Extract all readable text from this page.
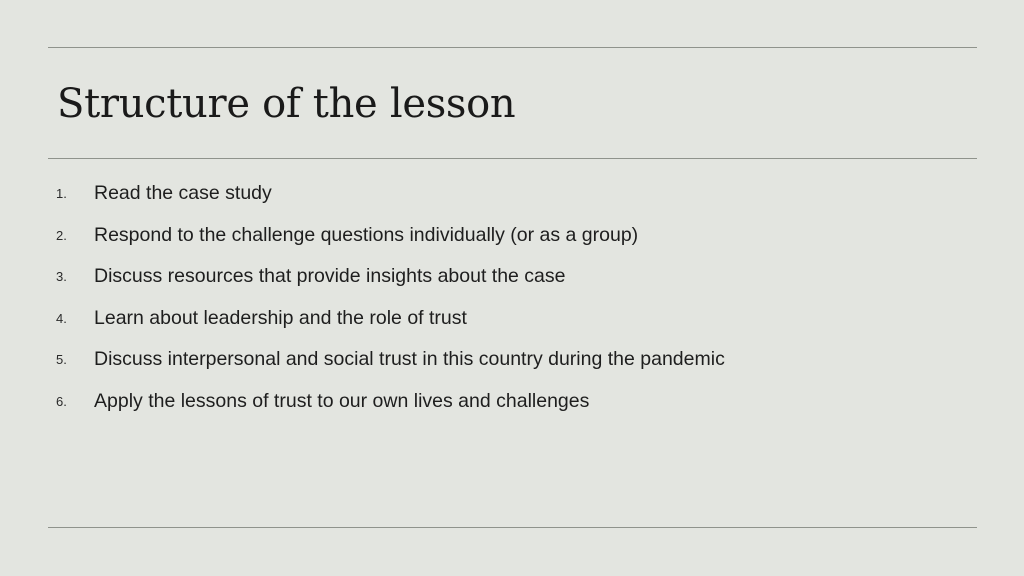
Structure of the lesson
1. Read the case study
2. Respond to the challenge questions individually (or as a group)
3. Discuss resources that provide insights about the case
4. Learn about leadership and the role of trust
5. Discuss interpersonal and social trust in this country during the pandemic
6. Apply the lessons of trust to our own lives and challenges
